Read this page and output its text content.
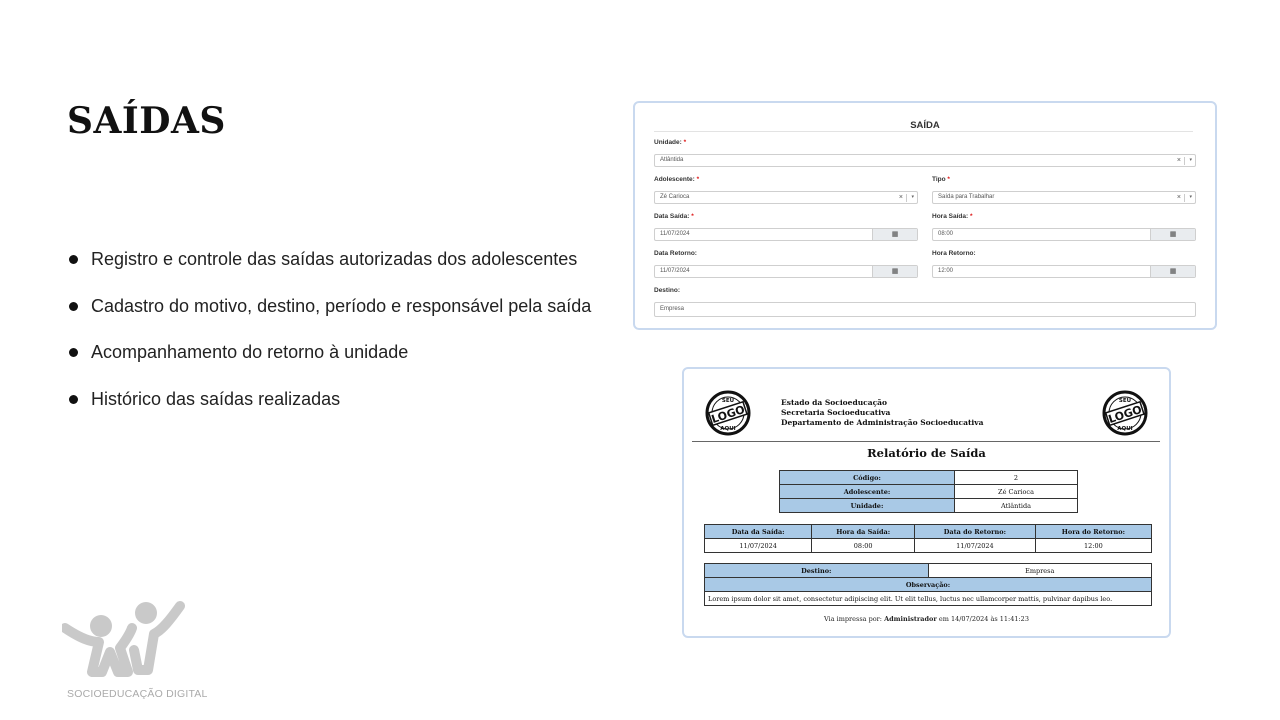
SAÍDAS
Registro e controle das saídas autorizadas dos adolescentes
Cadastro do motivo, destino, período e responsável pela saída
Acompanhamento do retorno à unidade
Histórico das saídas realizadas
SOCIOEDUCAÇÃO DIGITAL
SAÍDA
Unidade: *
Atlântida	× ▾
Adolescente: *
Zé Carioca	× ▾
Tipo *
Saída para Trabalhar	× ▾
Data Saída: *
11/07/2024	▦
Hora Saída: *
08:00	▦
Data Retorno:
11/07/2024	▦
Hora Retorno:
12:00	▦
Destino:
Empresa
SEU
LOGO
AQUI
SEU
LOGO
AQUI
Estado da Socioeducação
Secretaria Socioeducativa
Departamento de Administração Socioeducativa
Relatório de Saída
Código:	2
Adolescente:	Zé Carioca
Unidade:	Atlântida
Data da Saída:	Hora da Saída:	Data do Retorno:	Hora do Retorno:
11/07/2024	08:00	11/07/2024	12:00
Destino:	Empresa
Observação:
Lorem ipsum dolor sit amet, consectetur adipiscing elit. Ut elit tellus, luctus nec ullamcorper mattis, pulvinar dapibus leo.
Via impressa por: Administrador em 14/07/2024 às 11:41:23
